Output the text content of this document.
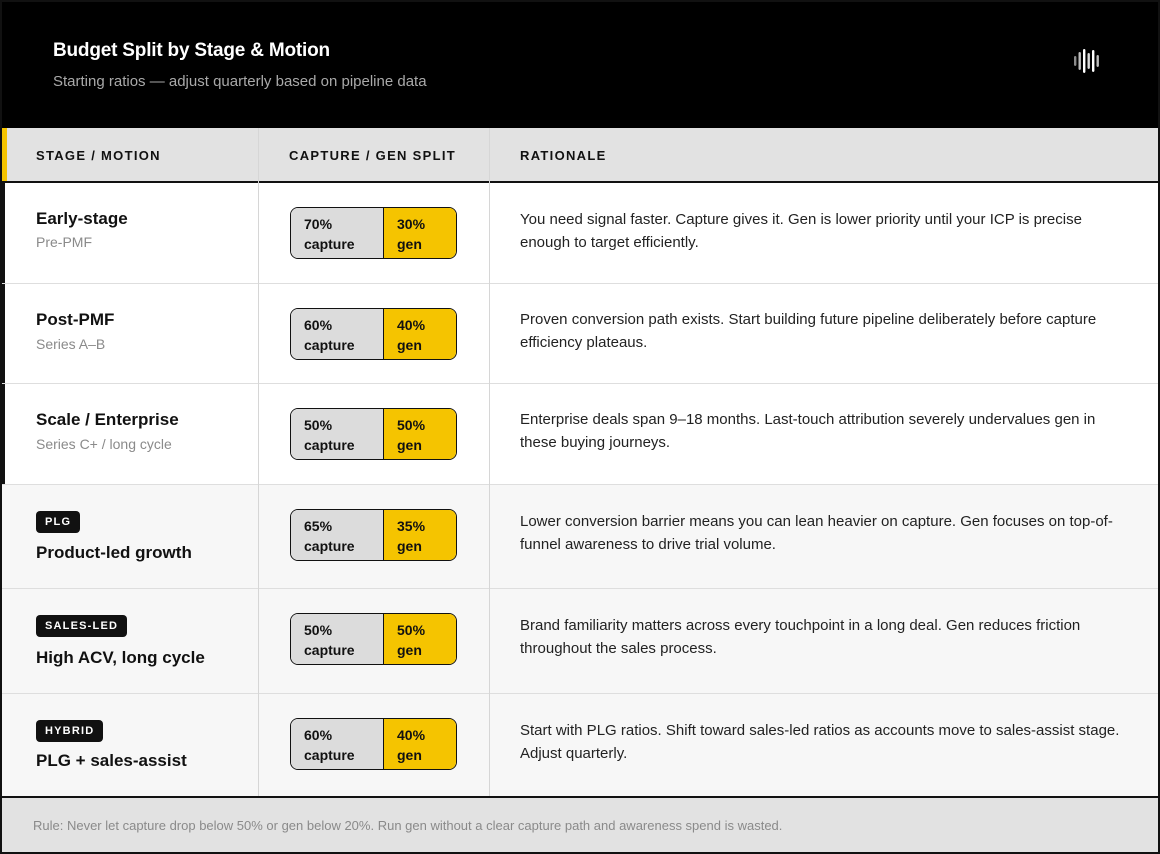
Budget Split by Stage & Motion
Starting ratios — adjust quarterly based on pipeline data
STAGE / MOTION	CAPTURE / GEN SPLIT	RATIONALE
Early-stage
Pre-PMF
70%
capture
30%
gen
You need signal faster. Capture gives it. Gen is lower priority until your ICP is precise enough to target efficiently.
Post-PMF
Series A–B
60%
capture
40%
gen
Proven conversion path exists. Start building future pipeline deliberately before capture efficiency plateaus.
Scale / Enterprise
Series C+ / long cycle
50%
capture
50%
gen
Enterprise deals span 9–18 months. Last-touch attribution severely undervalues gen in these buying journeys.
PLG
Product-led growth
65%
capture
35%
gen
Lower conversion barrier means you can lean heavier on capture. Gen focuses on top-of-funnel awareness to drive trial volume.
SALES-LED
High ACV, long cycle
50%
capture
50%
gen
Brand familiarity matters across every touchpoint in a long deal. Gen reduces friction throughout the sales process.
HYBRID
PLG + sales-assist
60%
capture
40%
gen
Start with PLG ratios. Shift toward sales-led ratios as accounts move to sales-assist stage. Adjust quarterly.
Rule: Never let capture drop below 50% or gen below 20%. Run gen without a clear capture path and awareness spend is wasted.
